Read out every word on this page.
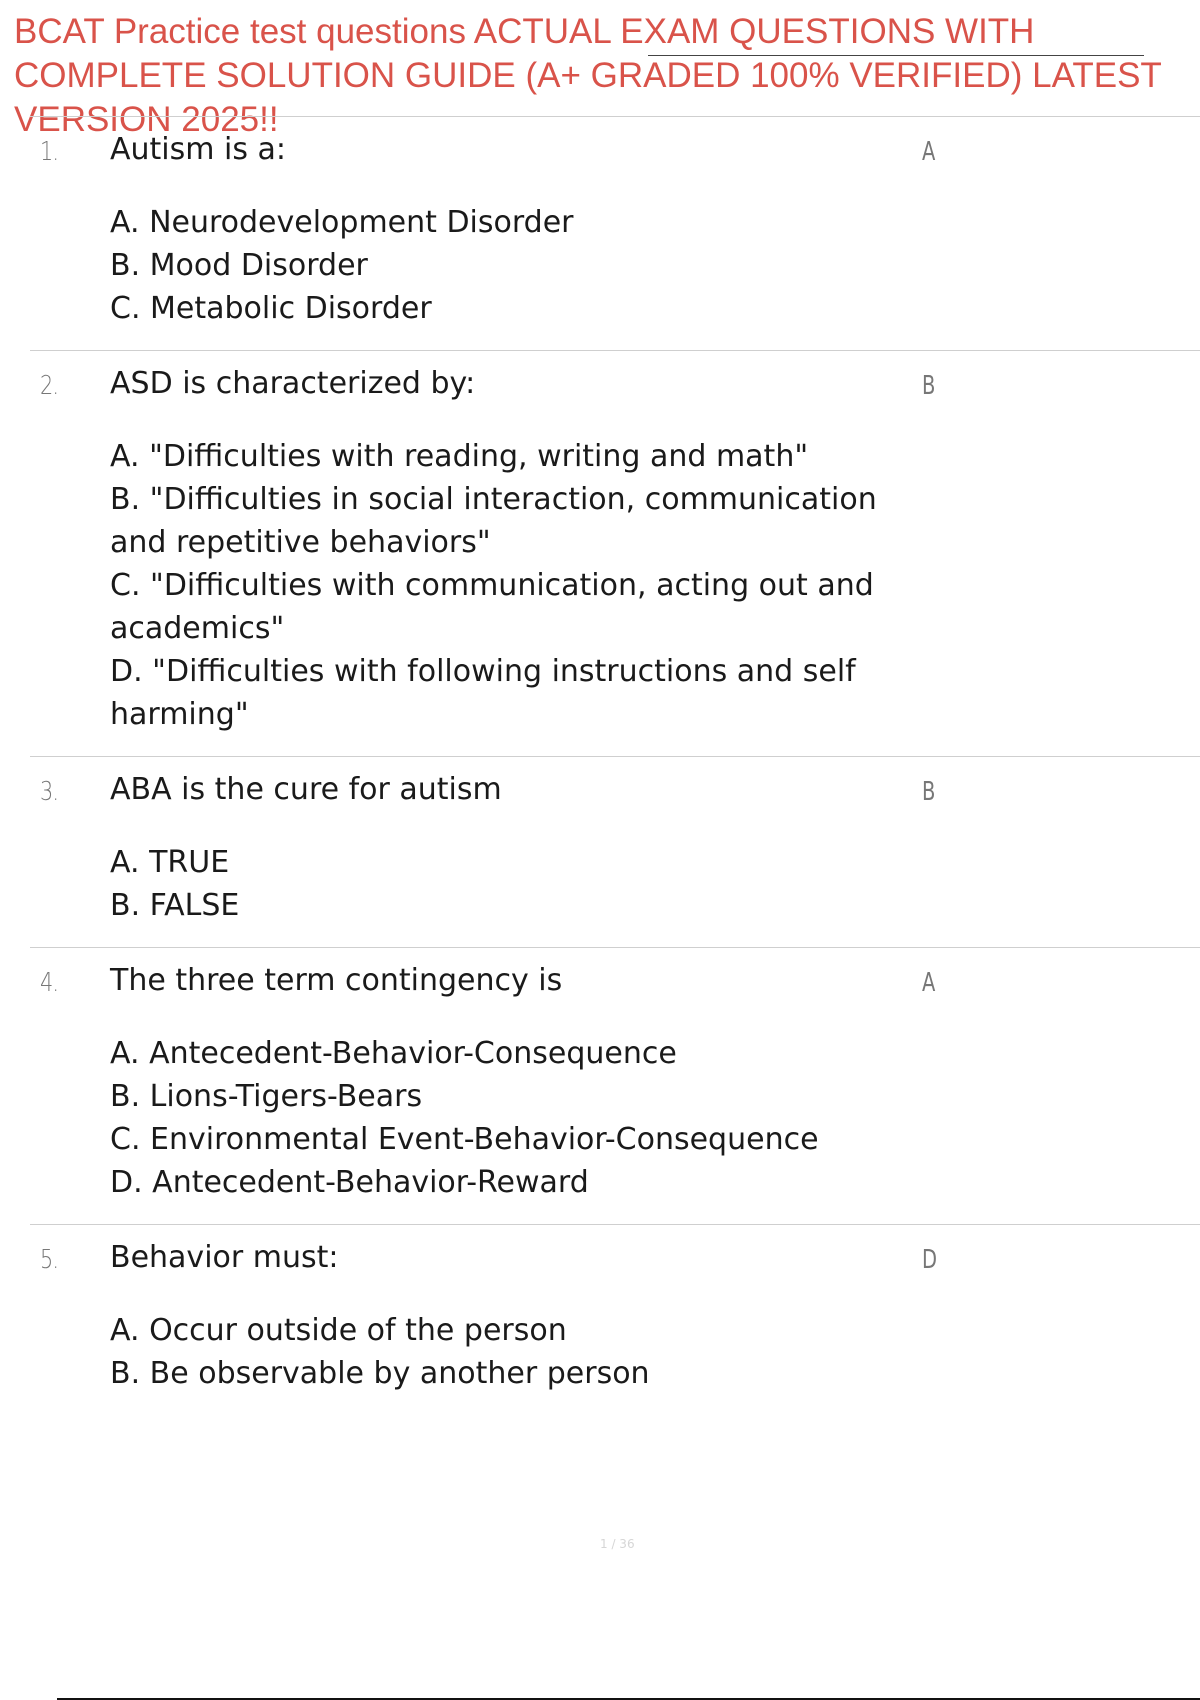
BCAT Practice test questions ACTUAL EXAM QUESTIONS WITH
COMPLETE SOLUTION GUIDE (A+ GRADED 100% VERIFIED) LATEST
VERSION 2025!!
1.	A
Autism is a:
A. Neurodevelopment Disorder
B. Mood Disorder
C. Metabolic Disorder
2.	B
ASD is characterized by:
A. "Difficulties with reading, writing and math"
B. "Difficulties in social interaction, communication and repetitive behaviors"
C. "Difficulties with communication, acting out and academics"
D. "Difficulties with following instructions and self harming"
3.	B
ABA is the cure for autism
A. TRUE
B. FALSE
4.	A
The three term contingency is
A. Antecedent-Behavior-Consequence
B. Lions-Tigers-Bears
C. Environmental Event-Behavior-Consequence
D. Antecedent-Behavior-Reward
5.	D
Behavior must:
A. Occur outside of the person
B. Be observable by another person
1 / 36
